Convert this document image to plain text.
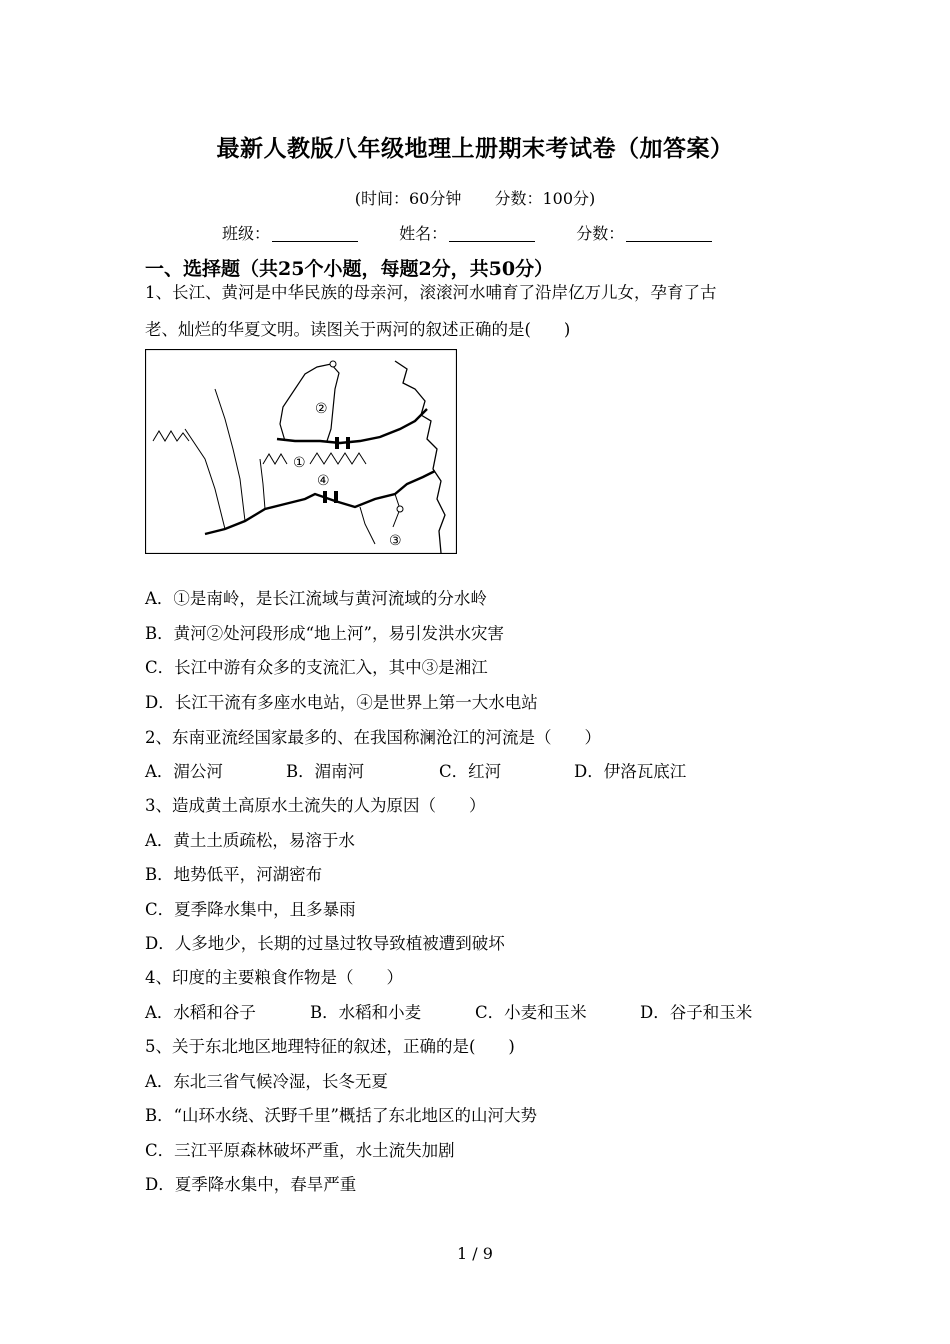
最新人教版八年级地理上册期末考试卷（加答案）
(时间：60分钟 分数：100分)
班级：	姓名：	分数：
一、选择题（共25个小题，每题2分，共50分）
1、长江、黄河是中华民族的母亲河，滚滚河水哺育了沿岸亿万儿女，孕育了古
老、灿烂的华夏文明。读图关于两河的叙述正确的是(　　)
①
②
③
④
A．①是南岭，是长江流域与黄河流域的分水岭
B．黄河②处河段形成“地上河”，易引发洪水灾害
C．长江中游有众多的支流汇入，其中③是湘江
D．长江干流有多座水电站，④是世界上第一大水电站
2、东南亚流经国家最多的、在我国称澜沧江的河流是（　　）
A．湄公河	B．湄南河	C．红河	D．伊洛瓦底江
3、造成黄土高原水土流失的人为原因（　　）
A．黄土土质疏松，易溶于水
B．地势低平，河湖密布
C．夏季降水集中，且多暴雨
D．人多地少，长期的过垦过牧导致植被遭到破坏
4、印度的主要粮食作物是（　　）
A．水稻和谷子	B．水稻和小麦	C．小麦和玉米	D．谷子和玉米
5、关于东北地区地理特征的叙述，正确的是(　　)
A．东北三省气候冷湿，长冬无夏
B．“山环水绕、沃野千里”概括了东北地区的山河大势
C．三江平原森林破坏严重，水土流失加剧
D．夏季降水集中，春旱严重
1 / 9
